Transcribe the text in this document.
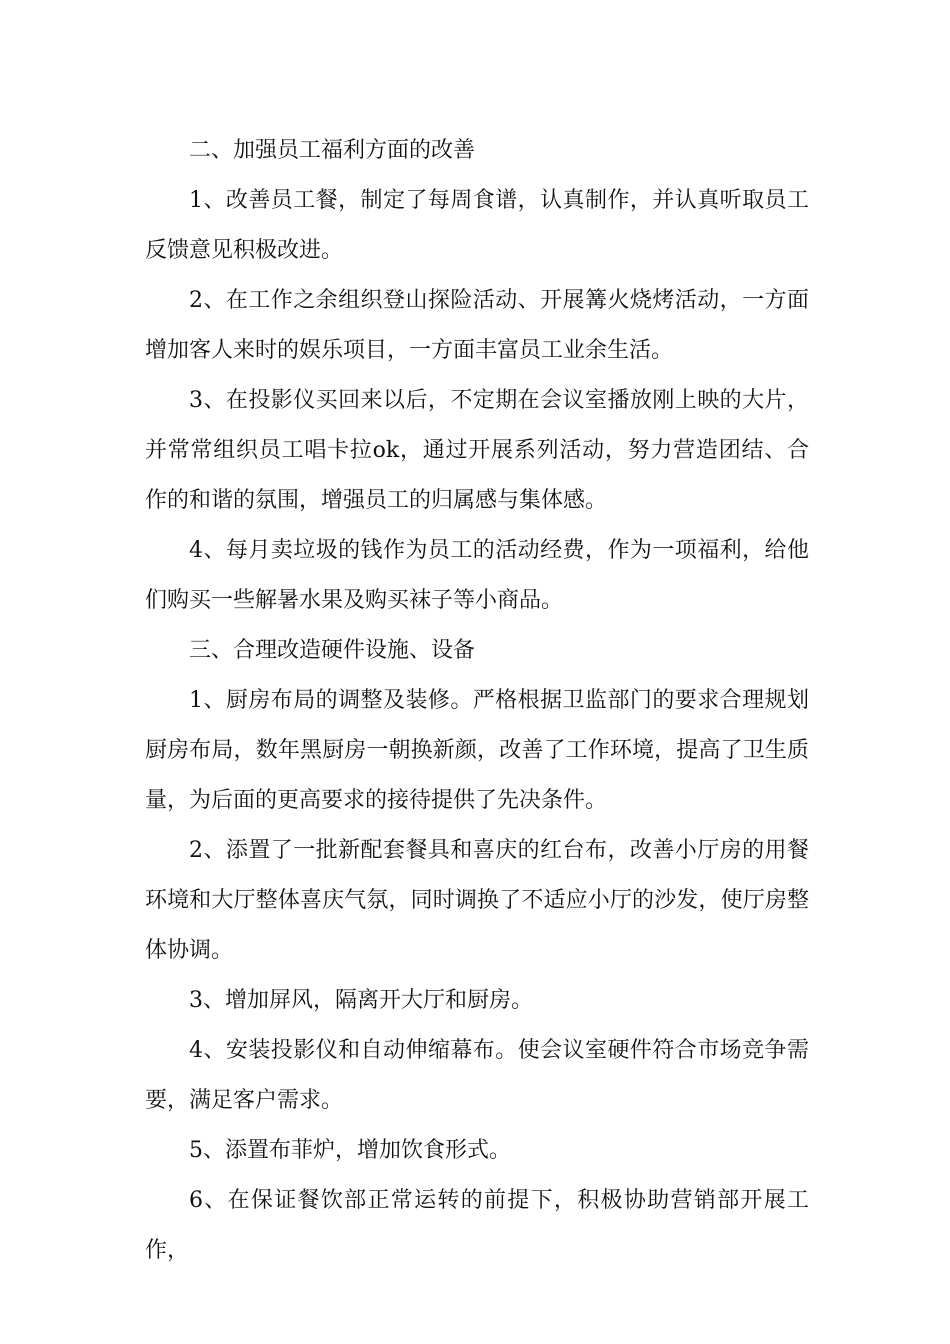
二、加强员工福利方面的改善

1、改善员工餐，制定了每周食谱，认真制作，并认真听取员工反馈意见积极改进。

2、在工作之余组织登山探险活动、开展篝火烧烤活动，一方面增加客人来时的娱乐项目，一方面丰富员工业余生活。

3、在投影仪买回来以后，不定期在会议室播放刚上映的大片，并常常组织员工唱卡拉ok，通过开展系列活动，努力营造团结、合作的和谐的氛围，增强员工的归属感与集体感。

4、每月卖垃圾的钱作为员工的活动经费，作为一项福利，给他们购买一些解暑水果及购买袜子等小商品。

三、合理改造硬件设施、设备

1、厨房布局的调整及装修。严格根据卫监部门的要求合理规划厨房布局，数年黑厨房一朝换新颜，改善了工作环境，提高了卫生质量，为后面的更高要求的接待提供了先决条件。

2、添置了一批新配套餐具和喜庆的红台布，改善小厅房的用餐环境和大厅整体喜庆气氛，同时调换了不适应小厅的沙发，使厅房整体协调。

3、增加屏风，隔离开大厅和厨房。

4、安装投影仪和自动伸缩幕布。使会议室硬件符合市场竞争需要，满足客户需求。

5、添置布菲炉，增加饮食形式。

6、在保证餐饮部正常运转的前提下，积极协助营销部开展工作，
